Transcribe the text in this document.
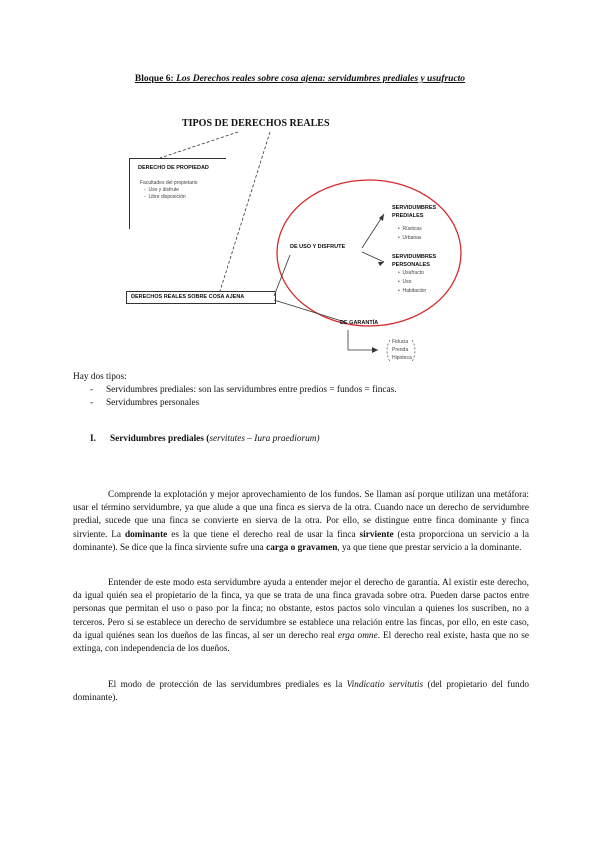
Bloque 6: Los Derechos reales sobre cosa ajena: servidumbres prediales y usufructo
TIPOS DE DERECHOS REALES
DERECHO DE PROPIEDAD
Facultades del propietario
-  Uso y disfrute
-  Libre disposición
DERECHOS REALES SOBRE COSA AJENA
DE USO Y DISFRUTE
SERVIDUMBRES PREDIALES
•  Rústicas
•  Urbanas
SERVIDUMBRES PERSONALES
•  Usufructo
•  Uso
•  Habitación
DE GARANTÍA
Fiducia
Prenda
Hipoteca
Hay dos tipos:
- Servidumbres prediales: son las servidumbres entre predios = fundos = fincas.
- Servidumbres personales
I. Servidumbres prediales (servitutes – Iura praediorum)
Comprende la explotación y mejor aprovechamiento de los fundos. Se llaman así porque utilizan una metáfora: usar el término servidumbre, ya que alude a que una finca es sierva de la otra. Cuando nace un derecho de servidumbre predial, sucede que una finca se convierte en sierva de la otra. Por ello, se distingue entre finca dominante y finca sirviente. La dominante es la que tiene el derecho real de usar la finca sirviente (esta proporciona un servicio a la dominante). Se dice que la finca sirviente sufre una carga o gravamen, ya que tiene que prestar servicio a la dominante.
Entender de este modo esta servidumbre ayuda a entender mejor el derecho de garantía. Al existir este derecho, da igual quién sea el propietario de la finca, ya que se trata de una finca gravada sobre otra. Pueden darse pactos entre personas que permitan el uso o paso por la finca; no obstante, estos pactos solo vinculan a quienes los suscriben, no a terceros. Pero si se establece un derecho de servidumbre se establece una relación entre las fincas, por ello, en este caso, da igual quiénes sean los dueños de las fincas, al ser un derecho real erga omne. El derecho real existe, hasta que no se extinga, con independencia de los dueños.
El modo de protección de las servidumbres prediales es la Vindicatio servitutis (del propietario del fundo dominante).
